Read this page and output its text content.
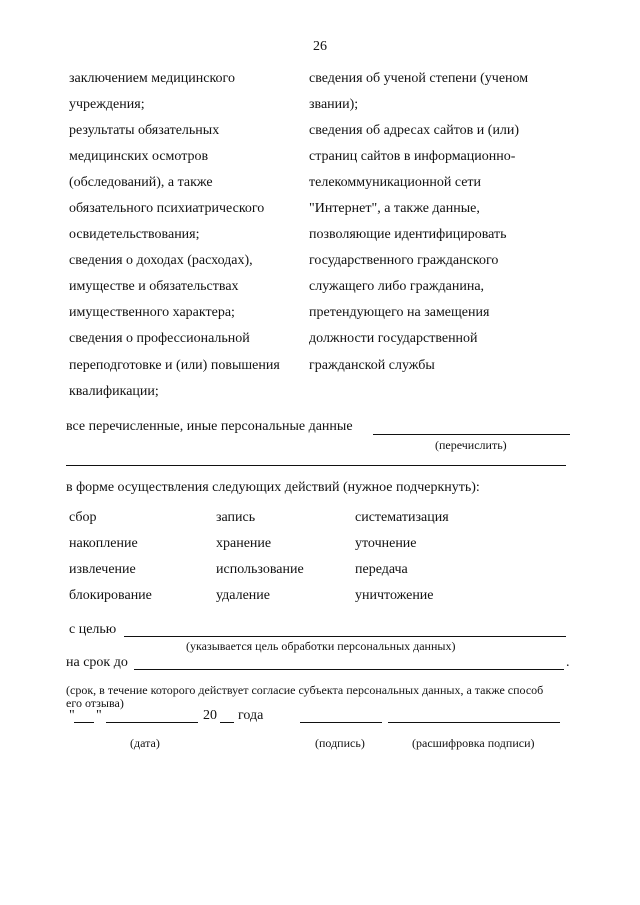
26
заключением медицинского
учреждения;
результаты обязательных
медицинских осмотров
(обследований), а также
обязательного психиатрического
освидетельствования;
сведения о доходах (расходах),
имуществе и обязательствах
имущественного характера;
сведения о профессиональной
переподготовке и (или) повышения
квалификации;
сведения об ученой степени (ученом
звании);
сведения об адресах сайтов и (или)
страниц сайтов в информационно-
телекоммуникационной сети
"Интернет", а также данные,
позволяющие идентифицировать
государственного гражданского
служащего либо гражданина,
претендующего на замещения
должности государственной
гражданской службы
все перечисленные, иные персональные данные
(перечислить)
в форме осуществления следующих действий (нужное подчеркнуть):
сбор	запись	систематизация
накопление	хранение	уточнение
извлечение	использование	передача
блокирование	удаление	уничтожение
с целью
(указывается цель обработки персональных данных)
на срок до	.
(срок, в течение которого действует согласие субъекта персональных данных, а также способ
его отзыва)
" "	20 года
(дата)	(подпись)	(расшифровка подписи)
